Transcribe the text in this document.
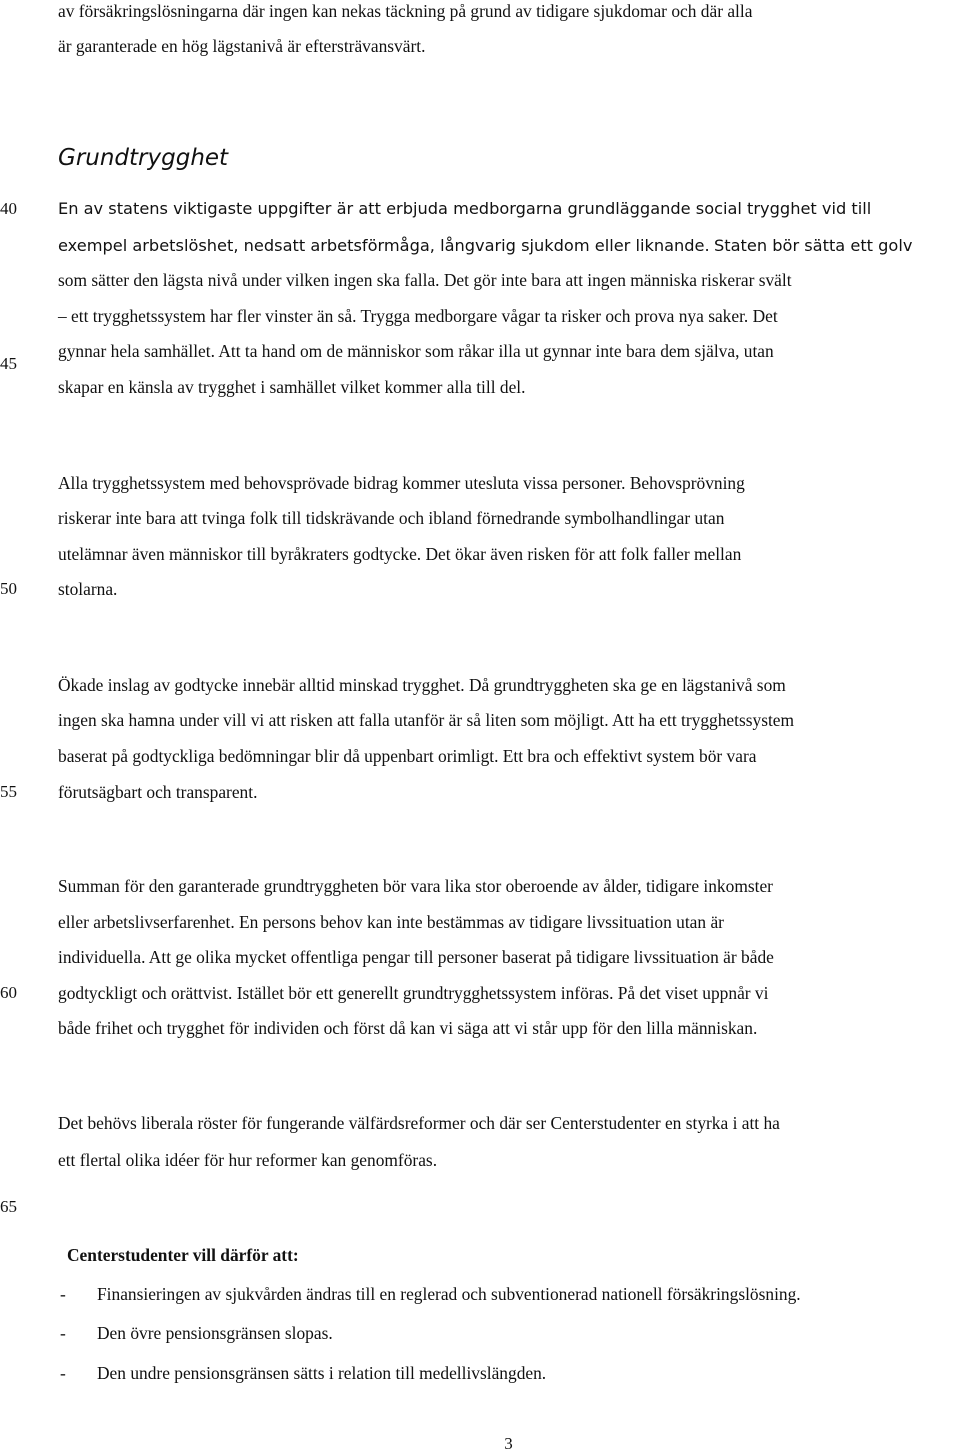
av försäkringslösningarna där ingen kan nekas täckning på grund av tidigare sjukdomar och där alla
är garanterade en hög lägstanivå är eftersträvansvärt.
Grundtrygghet
En av statens viktigaste uppgifter är att erbjuda medborgarna grundläggande social trygghet vid till
exempel arbetslöshet, nedsatt arbetsförmåga, långvarig sjukdom eller liknande. Staten bör sätta ett golv
som sätter den lägsta nivå under vilken ingen ska falla. Det gör inte bara att ingen människa riskerar svält
– ett trygghetssystem har fler vinster än så. Trygga medborgare vågar ta risker och prova nya saker. Det
gynnar hela samhället. Att ta hand om de människor som råkar illa ut gynnar inte bara dem själva, utan
skapar en känsla av trygghet i samhället vilket kommer alla till del.
Alla trygghetssystem med behovsprövade bidrag kommer utesluta vissa personer. Behovsprövning
riskerar inte bara att tvinga folk till tidskrävande och ibland förnedrande symbolhandlingar utan
utelämnar även människor till byråkraters godtycke. Det ökar även risken för att folk faller mellan
stolarna.
Ökade inslag av godtycke innebär alltid minskad trygghet. Då grundtryggheten ska ge en lägstanivå som
ingen ska hamna under vill vi att risken att falla utanför är så liten som möjligt. Att ha ett trygghetssystem
baserat på godtyckliga bedömningar blir då uppenbart orimligt. Ett bra och effektivt system bör vara
förutsägbart och transparent.
Summan för den garanterade grundtryggheten bör vara lika stor oberoende av ålder, tidigare inkomster
eller arbetslivserfarenhet. En persons behov kan inte bestämmas av tidigare livssituation utan är
individuella. Att ge olika mycket offentliga pengar till personer baserat på tidigare livssituation är både
godtyckligt och orättvist. Istället bör ett generellt grundtrygghetssystem införas. På det viset uppnår vi
både frihet och trygghet för individen och först då kan vi säga att vi står upp för den lilla människan.
Det behövs liberala röster för fungerande välfärdsreformer och där ser Centerstudenter en styrka i att ha
ett flertal olika idéer för hur reformer kan genomföras.
Centerstudenter vill därför att:
- Finansieringen av sjukvården ändras till en reglerad och subventionerad nationell försäkringslösning.
- Den övre pensionsgränsen slopas.
- Den undre pensionsgränsen sätts i relation till medellivslängden.
40
45
50
55
60
65
3
